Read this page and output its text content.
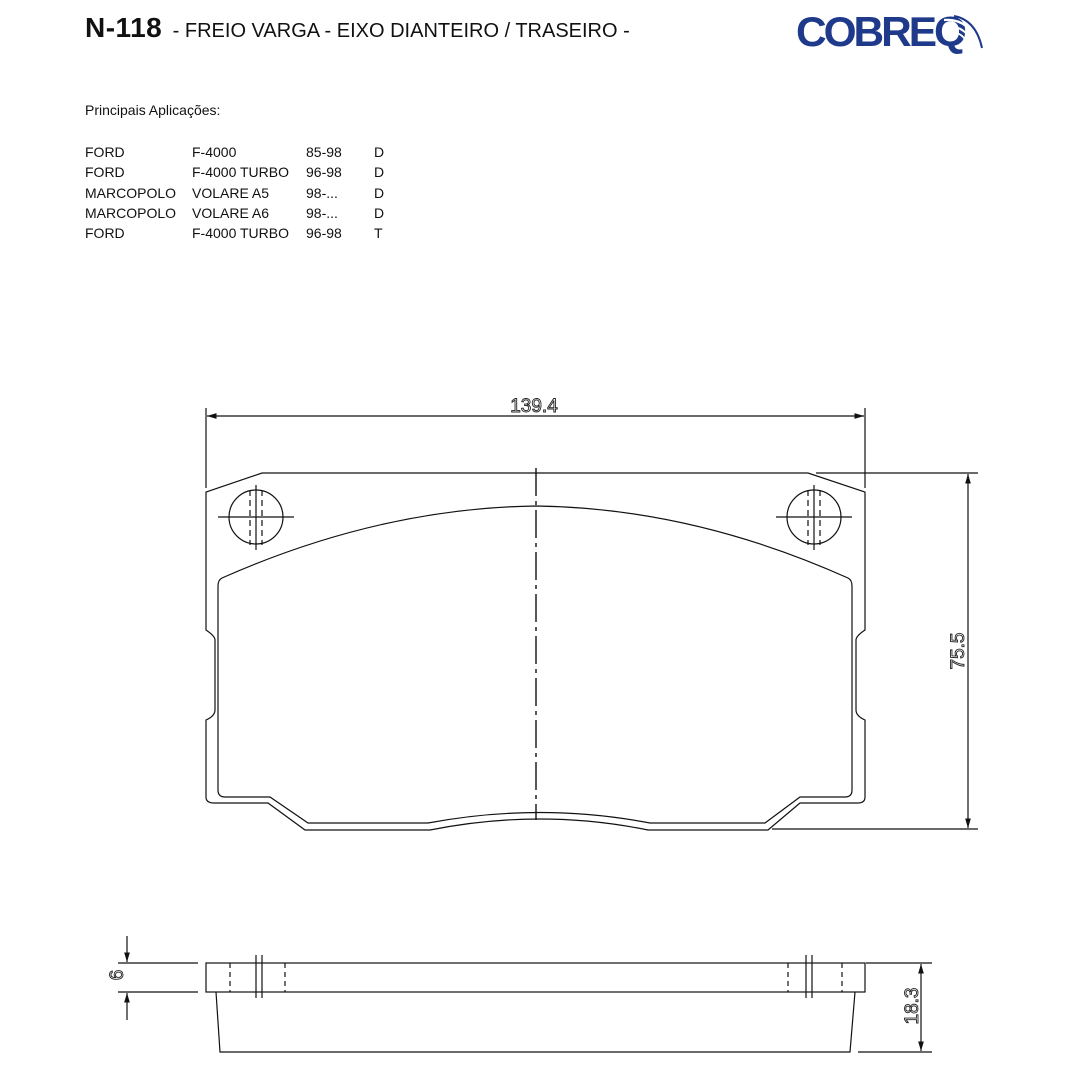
N-118 - FREIO VARGA - EIXO DIANTEIRO / TRASEIRO -	COBREQ
Principais Aplicações:
FORD	F-4000	85-98	D
FORD	F-4000 TURBO	96-98	D
MARCOPOLO	VOLARE A5	98-...	D
MARCOPOLO	VOLARE A6	98-...	D
FORD	F-4000 TURBO	96-98	T
139.4
75.5
6
18.3
